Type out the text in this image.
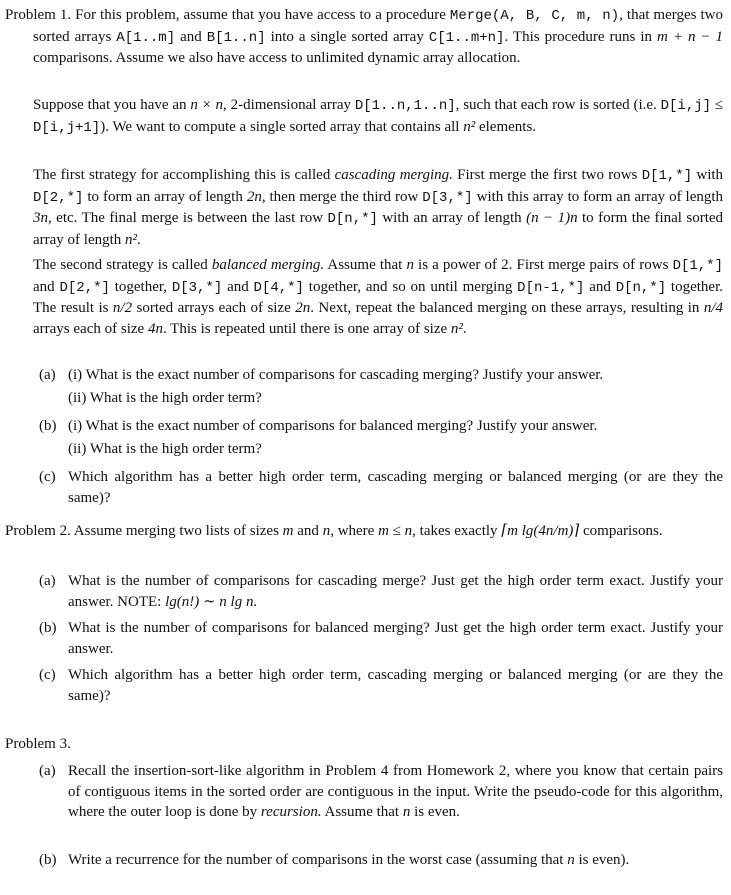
Problem 1. For this problem, assume that you have access to a procedure Merge(A, B, C, m, n), that merges two sorted arrays A[1..m] and B[1..n] into a single sorted array C[1..m+n]. This procedure runs in m + n − 1 comparisons. Assume we also have access to unlimited dynamic array allocation.
Suppose that you have an n × n, 2-dimensional array D[1..n,1..n], such that each row is sorted (i.e. D[i,j] ≤ D[i,j+1]). We want to compute a single sorted array that contains all n² elements.
The first strategy for accomplishing this is called cascading merging. First merge the first two rows D[1,*] with D[2,*] to form an array of length 2n, then merge the third row D[3,*] with this array to form an array of length 3n, etc. The final merge is between the last row D[n,*] with an array of length (n − 1)n to form the final sorted array of length n².
The second strategy is called balanced merging. Assume that n is a power of 2. First merge pairs of rows D[1,*] and D[2,*] together, D[3,*] and D[4,*] together, and so on until merging D[n-1,*] and D[n,*] together. The result is n/2 sorted arrays each of size 2n. Next, repeat the balanced merging on these arrays, resulting in n/4 arrays each of size 4n. This is repeated until there is one array of size n².
(a) (i) What is the exact number of comparisons for cascading merging? Justify your answer.
(ii) What is the high order term?
(b) (i) What is the exact number of comparisons for balanced merging? Justify your answer.
(ii) What is the high order term?
(c) Which algorithm has a better high order term, cascading merging or balanced merging (or are they the same)?
Problem 2. Assume merging two lists of sizes m and n, where m ≤ n, takes exactly ⌈m lg(4n/m)⌉ comparisons.
(a) What is the number of comparisons for cascading merge? Just get the high order term exact. Justify your answer. NOTE: lg(n!) ∼ n lg n.
(b) What is the number of comparisons for balanced merging? Just get the high order term exact. Justify your answer.
(c) Which algorithm has a better high order term, cascading merging or balanced merging (or are they the same)?
Problem 3.
(a) Recall the insertion-sort-like algorithm in Problem 4 from Homework 2, where you know that certain pairs of contiguous items in the sorted order are contiguous in the input. Write the pseudo-code for this algorithm, where the outer loop is done by recursion. Assume that n is even.
(b) Write a recurrence for the number of comparisons in the worst case (assuming that n is even).
